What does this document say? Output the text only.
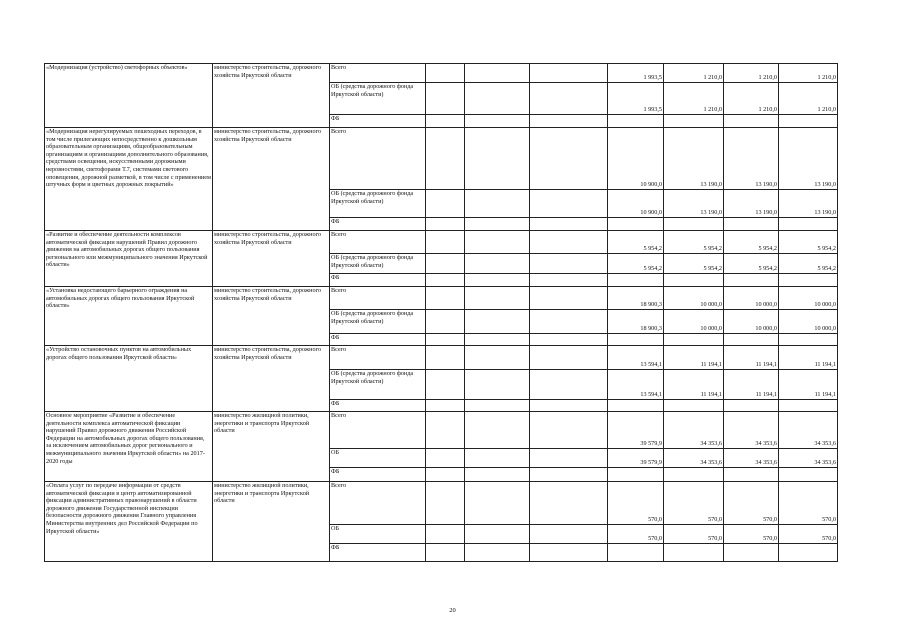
«Модернизация (устройство) светофорных объектов»	министерство строительства, дорожного хозяйства Иркутской области	Всего				1 993,5	1 210,0	1 210,0	1 210,0
		ОБ (средства дорожного фонда Иркутской области)				1 993,5	1 210,0	1 210,0	1 210,0
		ФБ							
«Модернизация нерегулируемых пешеходных переходов, в том числе прилегающих непосредственно к дошкольным образовательным организациям, общеобразовательным организациям и организациям дополнительного образования, средствами освещения, искусственными дорожными неровностями, светофорами Т.7, системами светового оповещения, дорожной разметкой, в том числе с применением штучных форм и цветных дорожных покрытий»	министерство строительства, дорожного хозяйства Иркутской области	Всего				10 900,0	13 190,0	13 190,0	13 190,0
		ОБ (средства дорожного фонда Иркутской области)				10 900,0	13 190,0	13 190,0	13 190,0
		ФБ							
«Развитие и обеспечение деятельности комплексов автоматической фиксации нарушений Правил дорожного движения на автомобильных дорогах общего пользования регионального или межмуниципального значения Иркутской области»	министерство строительства, дорожного хозяйства Иркутской области	Всего				5 954,2	5 954,2	5 954,2	5 954,2
		ОБ (средства дорожного фонда Иркутской области)				5 954,2	5 954,2	5 954,2	5 954,2
		ФБ							
«Установка недостающего барьерного ограждения на автомобильных дорогах общего пользования Иркутской области»	министерство строительства, дорожного хозяйства Иркутской области	Всего				18 900,3	10 000,0	10 000,0	10 000,0
		ОБ (средства дорожного фонда Иркутской области)				18 900,3	10 000,0	10 000,0	10 000,0
		ФБ							
«Устройство остановочных пунктов на автомобильных дорогах общего пользования Иркутской области»	министерство строительства, дорожного хозяйства Иркутской области	Всего				13 594,1	11 194,1	11 194,1	11 194,1
		ОБ (средства дорожного фонда Иркутской области)				13 594,1	11 194,1	11 194,1	11 194,1
		ФБ							
Основное мероприятие «Развитие и обеспечение деятельности комплекса автоматической фиксации нарушений Правил дорожного движения Российской Федерации на автомобильных дорогах общего пользования, за исключением автомобильных дорог регионального и межмуниципального значения Иркутской области» на 2017-2020 годы	министерство жилищной политики, энергетики и транспорта Иркутской области	Всего				39 579,9	34 353,6	34 353,6	34 353,6
		ОБ				39 579,9	34 353,6	34 353,6	34 353,6
		ФБ							
«Оплата услуг по передаче информации от средств автоматической фиксации в центр автоматизированной фиксации административных правонарушений в области дорожного движения Государственной инспекции безопасности дорожного движения Главного управления Министерства внутренних дел Российской Федерации по Иркутской области»	министерство жилищной политики, энергетики и транспорта Иркутской области	Всего				570,0	570,0	570,0	570,0
		ОБ				570,0	570,0	570,0	570,0
		ФБ							
20
